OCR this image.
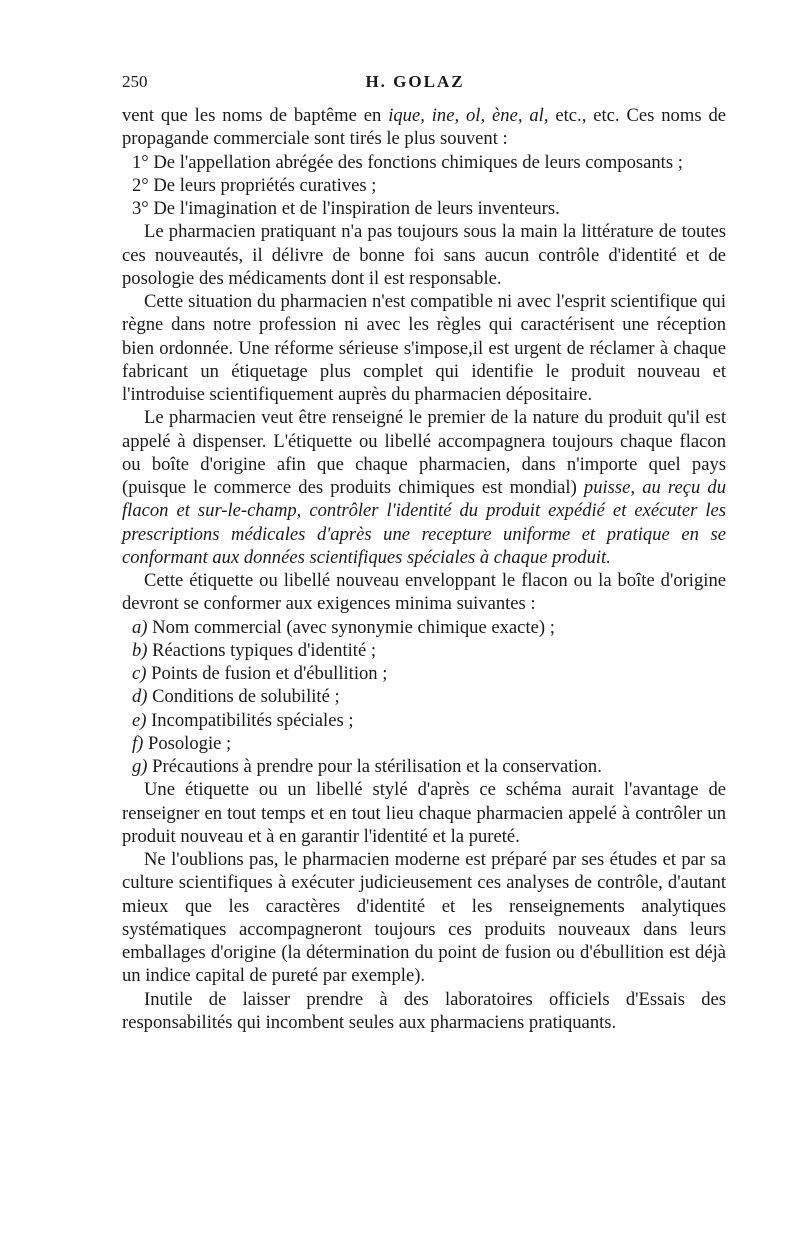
250	H. GOLAZ

vent que les noms de baptême en ique, ine, ol, ène, al, etc., etc. Ces noms de propagande commerciale sont tirés le plus souvent :

1° De l'appellation abrégée des fonctions chimiques de leurs composants ;

2° De leurs propriétés curatives ;

3° De l'imagination et de l'inspiration de leurs inventeurs.

Le pharmacien pratiquant n'a pas toujours sous la main la littérature de toutes ces nouveautés, il délivre de bonne foi sans aucun contrôle d'identité et de posologie des médicaments dont il est responsable.

Cette situation du pharmacien n'est compatible ni avec l'esprit scientifique qui règne dans notre profession ni avec les règles qui caractérisent une réception bien ordonnée. Une réforme sérieuse s'impose,il est urgent de réclamer à chaque fabricant un étiquetage plus complet qui identifie le produit nouveau et l'introduise scientifiquement auprès du pharmacien dépositaire.

Le pharmacien veut être renseigné le premier de la nature du produit qu'il est appelé à dispenser. L'étiquette ou libellé accompagnera toujours chaque flacon ou boîte d'origine afin que chaque pharmacien, dans n'importe quel pays (puisque le commerce des produits chimiques est mondial) puisse, au reçu du flacon et sur-le-champ, contrôler l'identité du produit expédié et exécuter les prescriptions médicales d'après une recepture uniforme et pratique en se conformant aux données scientifiques spéciales à chaque produit.

Cette étiquette ou libellé nouveau enveloppant le flacon ou la boîte d'origine devront se conformer aux exigences minima suivantes :

a) Nom commercial (avec synonymie chimique exacte) ;

b) Réactions typiques d'identité ;

c) Points de fusion et d'ébullition ;

d) Conditions de solubilité ;

e) Incompatibilités spéciales ;

f) Posologie ;

g) Précautions à prendre pour la stérilisation et la conservation.

Une étiquette ou un libellé stylé d'après ce schéma aurait l'avantage de renseigner en tout temps et en tout lieu chaque pharmacien appelé à contrôler un produit nouveau et à en garantir l'identité et la pureté.

Ne l'oublions pas, le pharmacien moderne est préparé par ses études et par sa culture scientifiques à exécuter judicieusement ces analyses de contrôle, d'autant mieux que les caractères d'identité et les renseignements analytiques systématiques accompagneront toujours ces produits nouveaux dans leurs emballages d'origine (la détermination du point de fusion ou d'ébullition est déjà un indice capital de pureté par exemple).

Inutile de laisser prendre à des laboratoires officiels d'Essais des responsabilités qui incombent seules aux pharmaciens pratiquants.
